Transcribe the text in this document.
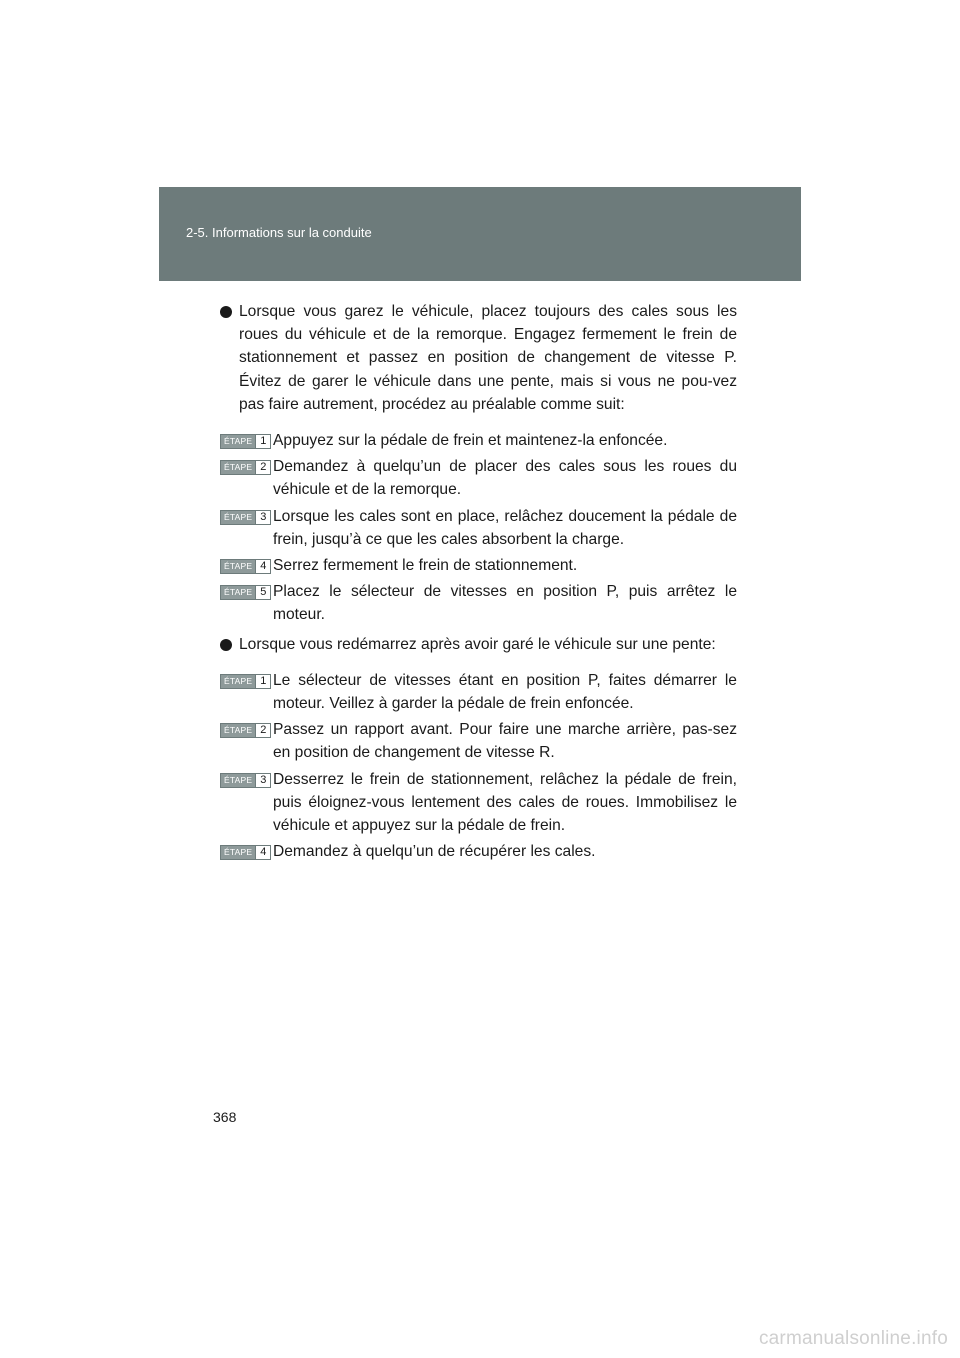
2-5. Informations sur la conduite
Lorsque vous garez le véhicule, placez toujours des cales sous les roues du véhicule et de la remorque. Engagez fermement le frein de stationnement et passez en position de changement de vitesse P. Évitez de garer le véhicule dans une pente, mais si vous ne pou-vez pas faire autrement, procédez au préalable comme suit:
ÉTAPE 1 Appuyez sur la pédale de frein et maintenez-la enfoncée.
ÉTAPE 2 Demandez à quelqu’un de placer des cales sous les roues du véhicule et de la remorque.
ÉTAPE 3 Lorsque les cales sont en place, relâchez doucement la pédale de frein, jusqu’à ce que les cales absorbent la charge.
ÉTAPE 4 Serrez fermement le frein de stationnement.
ÉTAPE 5 Placez le sélecteur de vitesses en position P, puis arrêtez le moteur.
Lorsque vous redémarrez après avoir garé le véhicule sur une pente:
ÉTAPE 1 Le sélecteur de vitesses étant en position P, faites démarrer le moteur. Veillez à garder la pédale de frein enfoncée.
ÉTAPE 2 Passez un rapport avant. Pour faire une marche arrière, pas-sez en position de changement de vitesse R.
ÉTAPE 3 Desserrez le frein de stationnement, relâchez la pédale de frein, puis éloignez-vous lentement des cales de roues. Immobilisez le véhicule et appuyez sur la pédale de frein.
ÉTAPE 4 Demandez à quelqu’un de récupérer les cales.
368
carmanualsonline.info
